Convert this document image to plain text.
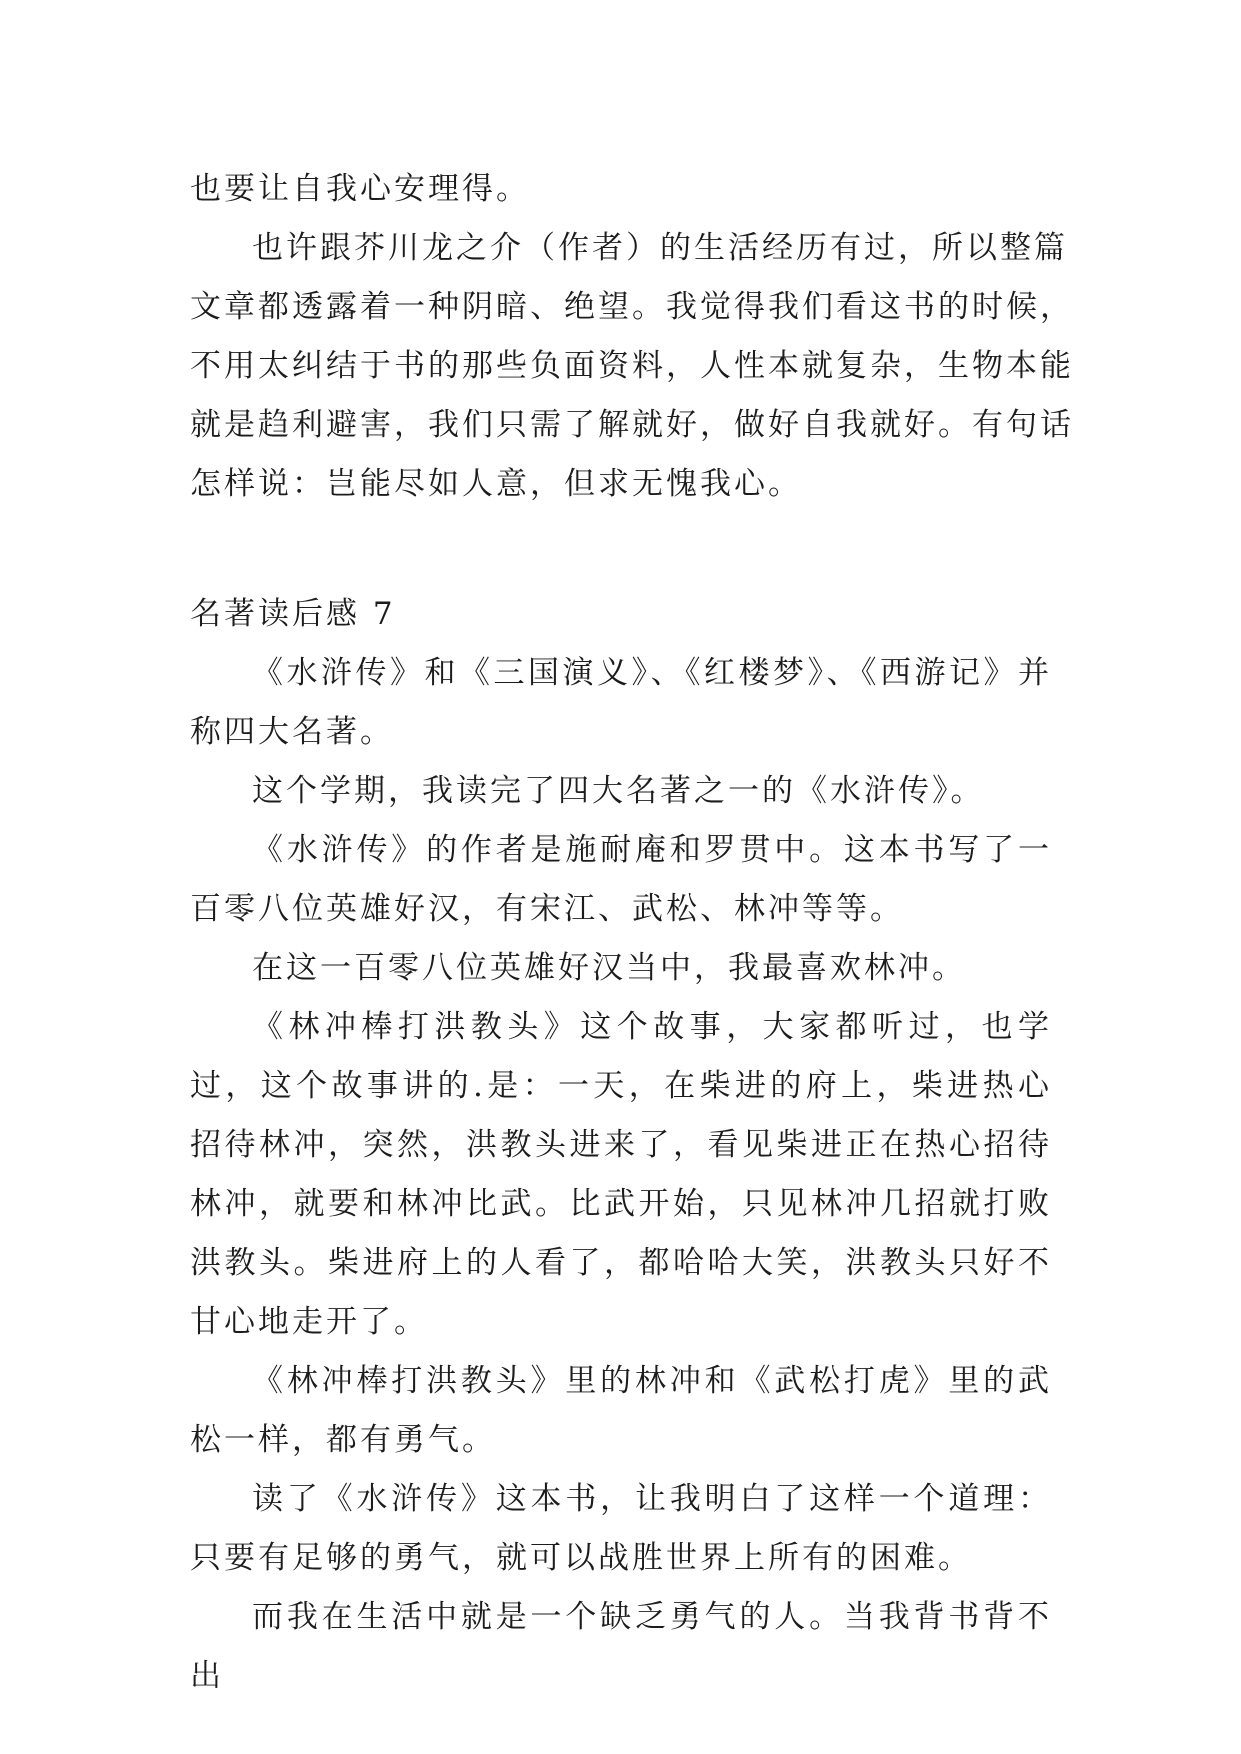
也要让自我心安理得。

也许跟芥川龙之介（作者）的生活经历有过，所以整篇

文章都透露着一种阴暗、绝望。我觉得我们看这书的时候，

不用太纠结于书的那些负面资料，人性本就复杂，生物本能

就是趋利避害，我们只需了解就好，做好自我就好。有句话

怎样说：岂能尽如人意，但求无愧我心。

名著读后感 7

《水浒传》和《三国演义》、《红楼梦》、《西游记》并称四大名著。

这个学期，我读完了四大名著之一的《水浒传》。

《水浒传》的作者是施耐庵和罗贯中。这本书写了一百零八位英雄好汉，有宋江、武松、林冲等等。

在这一百零八位英雄好汉当中，我最喜欢林冲。

《林冲棒打洪教头》这个故事，大家都听过，也学过，这个故事讲的.是：一天，在柴进的府上，柴进热心招待林冲，突然，洪教头进来了，看见柴进正在热心招待林冲，就要和林冲比武。比武开始，只见林冲几招就打败洪教头。柴进府上的人看了，都哈哈大笑，洪教头只好不甘心地走开了。

《林冲棒打洪教头》里的林冲和《武松打虎》里的武松一样，都有勇气。

读了《水浒传》这本书，让我明白了这样一个道理：只要有足够的勇气，就可以战胜世界上所有的困难。

而我在生活中就是一个缺乏勇气的人。当我背书背不出
